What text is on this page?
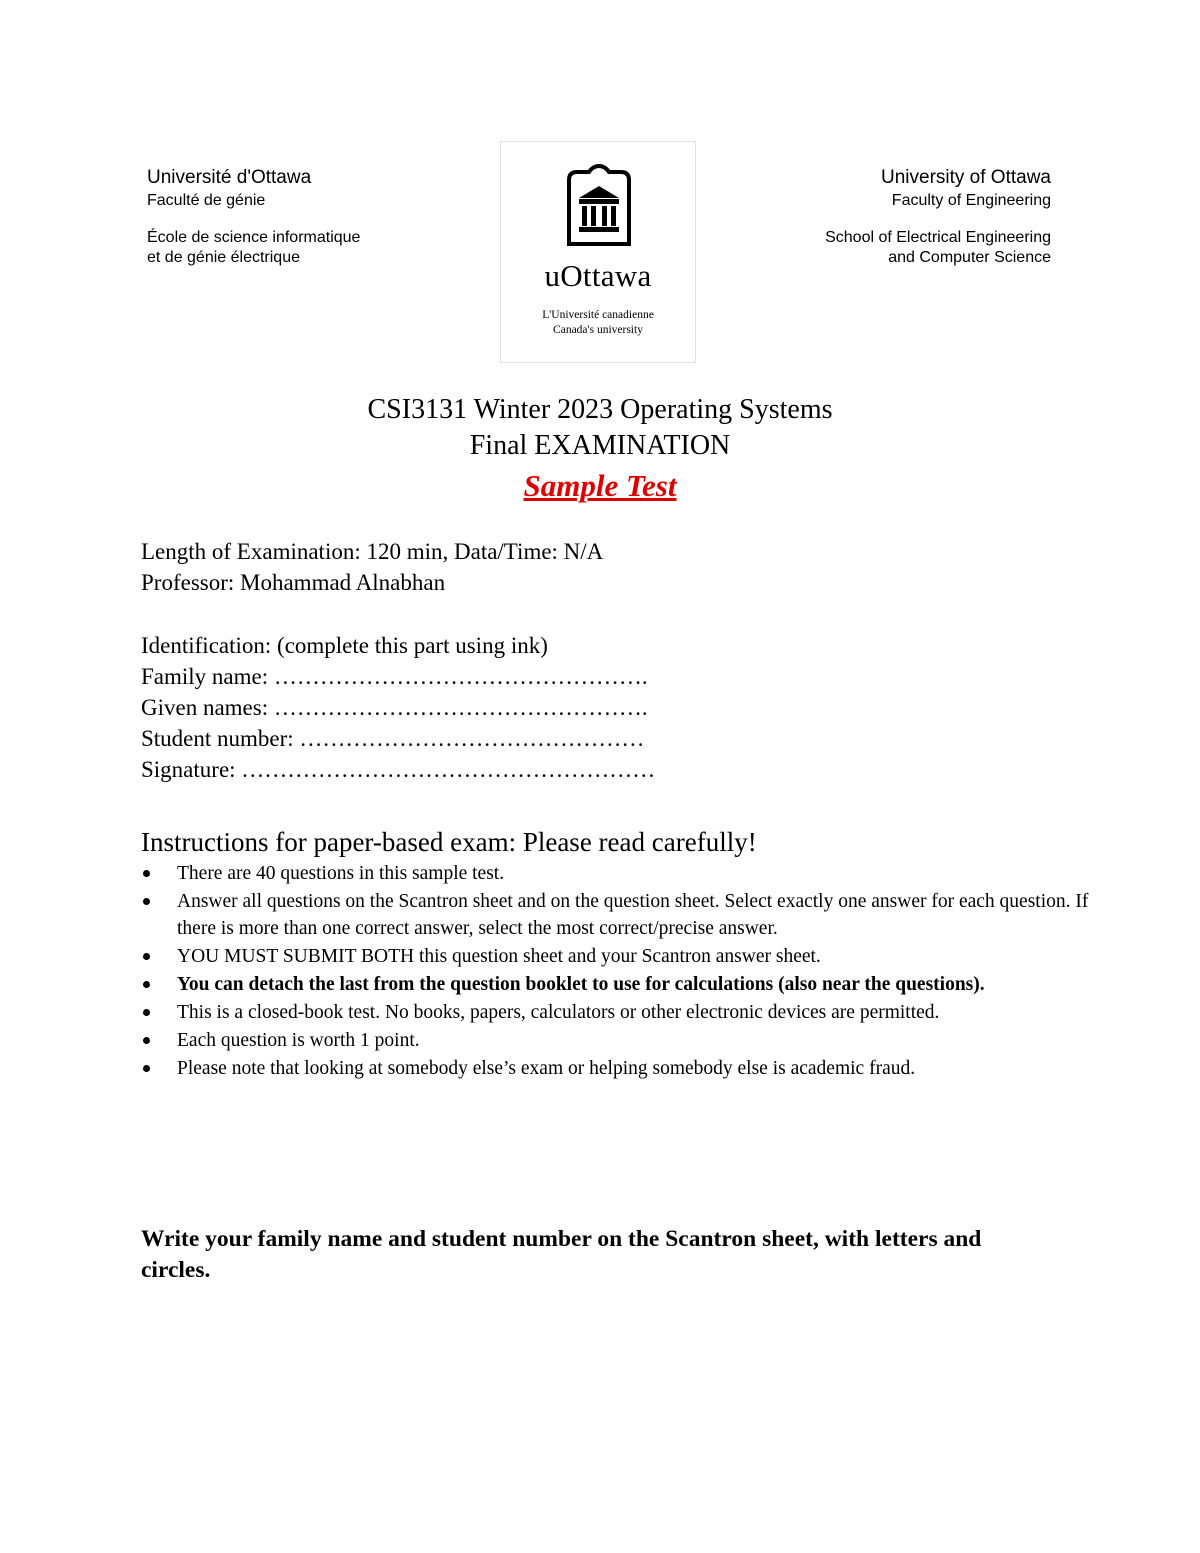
Université d'Ottawa
Faculté de génie
École de science informatique
et de génie électrique
uOttawa
L'Université canadienne
Canada's university
University of Ottawa
Faculty of Engineering
School of Electrical Engineering
and Computer Science
CSI3131 Winter 2023 Operating Systems
Final EXAMINATION
Sample Test
Length of Examination: 120 min, Data/Time: N/A
Professor: Mohammad Alnabhan
Identification: (complete this part using ink)
Family name: ………………………………………….
Given names: ………………………………………….
Student number: ………………………………………
Signature: ………………………………………………
Instructions for paper-based exam: Please read carefully!
There are 40 questions in this sample test.
Answer all questions on the Scantron sheet and on the question sheet. Select exactly one answer for each question. If there is more than one correct answer, select the most correct/precise answer.
YOU MUST SUBMIT BOTH this question sheet and your Scantron answer sheet.
You can detach the last from the question booklet to use for calculations (also near the questions).
This is a closed-book test. No books, papers, calculators or other electronic devices are permitted.
Each question is worth 1 point.
Please note that looking at somebody else’s exam or helping somebody else is academic fraud.
Write your family name and student number on the Scantron sheet, with letters and circles.
